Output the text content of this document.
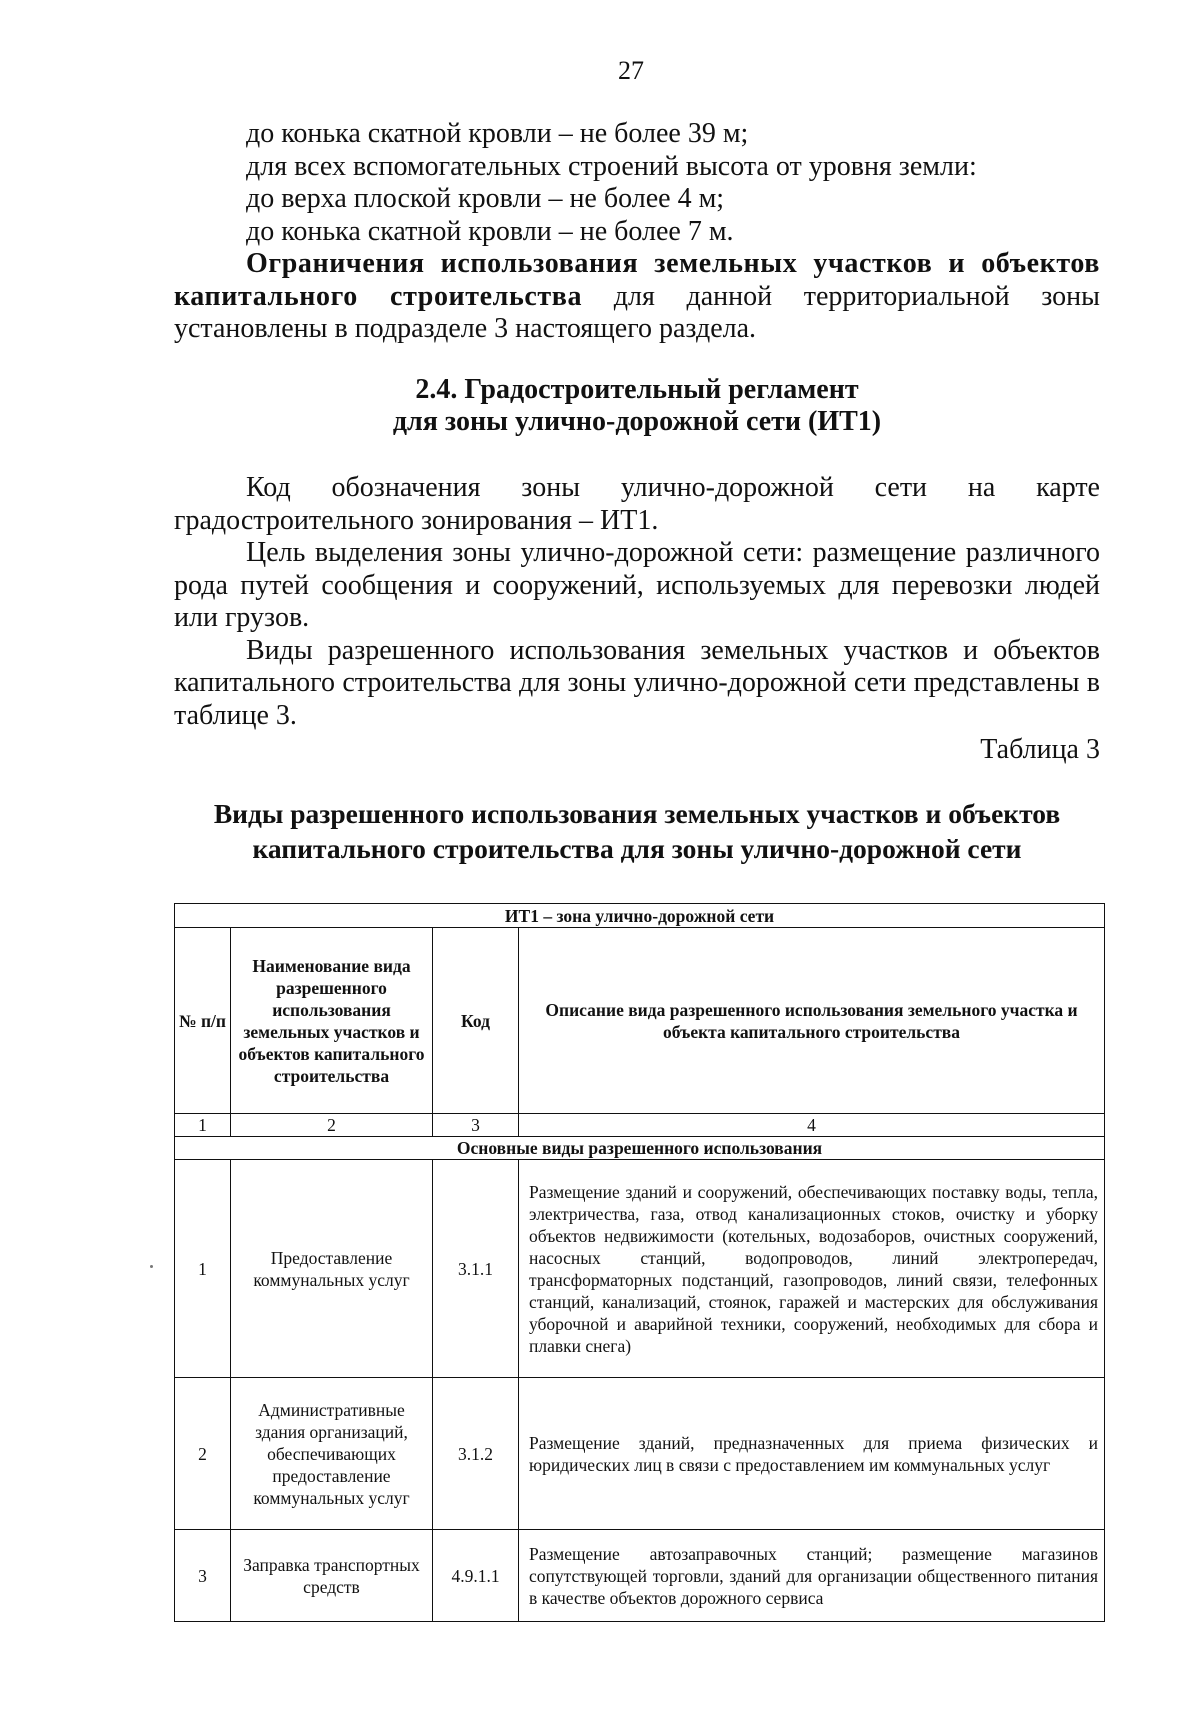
27

до конька скатной кровли – не более 39 м;

для всех вспомогательных строений высота от уровня земли:

до верха плоской кровли – не более 4 м;

до конька скатной кровли – не более 7 м.

Ограничения использования земельных участков и объектов капитального строительства для данной территориальной зоны установлены в подразделе 3 настоящего раздела.

2.4. Градостроительный регламент
для зоны улично-дорожной сети (ИТ1)

Код обозначения зоны улично-дорожной сети на карте градостроительного зонирования – ИТ1.

Цель выделения зоны улично-дорожной сети: размещение различного рода путей сообщения и сооружений, используемых для перевозки людей или грузов.

Виды разрешенного использования земельных участков и объектов капитального строительства для зоны улично-дорожной сети представлены в таблице 3.

Таблица 3
Виды разрешенного использования земельных участков и объектов
капитального строительства для зоны улично-дорожной сети
ИТ1 – зона улично-дорожной сети			
№ п/п	Наименование вида разрешенного использования земельных участков и объектов капитального строительства	Код	Описание вида разрешенного использования земельного участка и объекта капитального строительства
1	2	3	4
Основные виды разрешенного использования			
1	Предоставление коммунальных услуг	3.1.1	Размещение зданий и сооружений, обеспечивающих поставку воды, тепла, электричества, газа, отвод канализационных стоков, очистку и уборку объектов недвижимости (котельных, водозаборов, очистных сооружений, насосных станций, водопроводов, линий электропередач, трансформаторных подстанций, газопроводов, линий связи, телефонных станций, канализаций, стоянок, гаражей и мастерских для обслуживания уборочной и аварийной техники, сооружений, необходимых для сбора и плавки снега)
2	Административные здания организаций, обеспечивающих предоставление коммунальных услуг	3.1.2	Размещение зданий, предназначенных для приема физических и юридических лиц в связи с предоставлением им коммунальных услуг
3	Заправка транспортных средств	4.9.1.1	Размещение автозаправочных станций; размещение магазинов сопутствующей торговли, зданий для организации общественного питания в качестве объектов дорожного сервиса
